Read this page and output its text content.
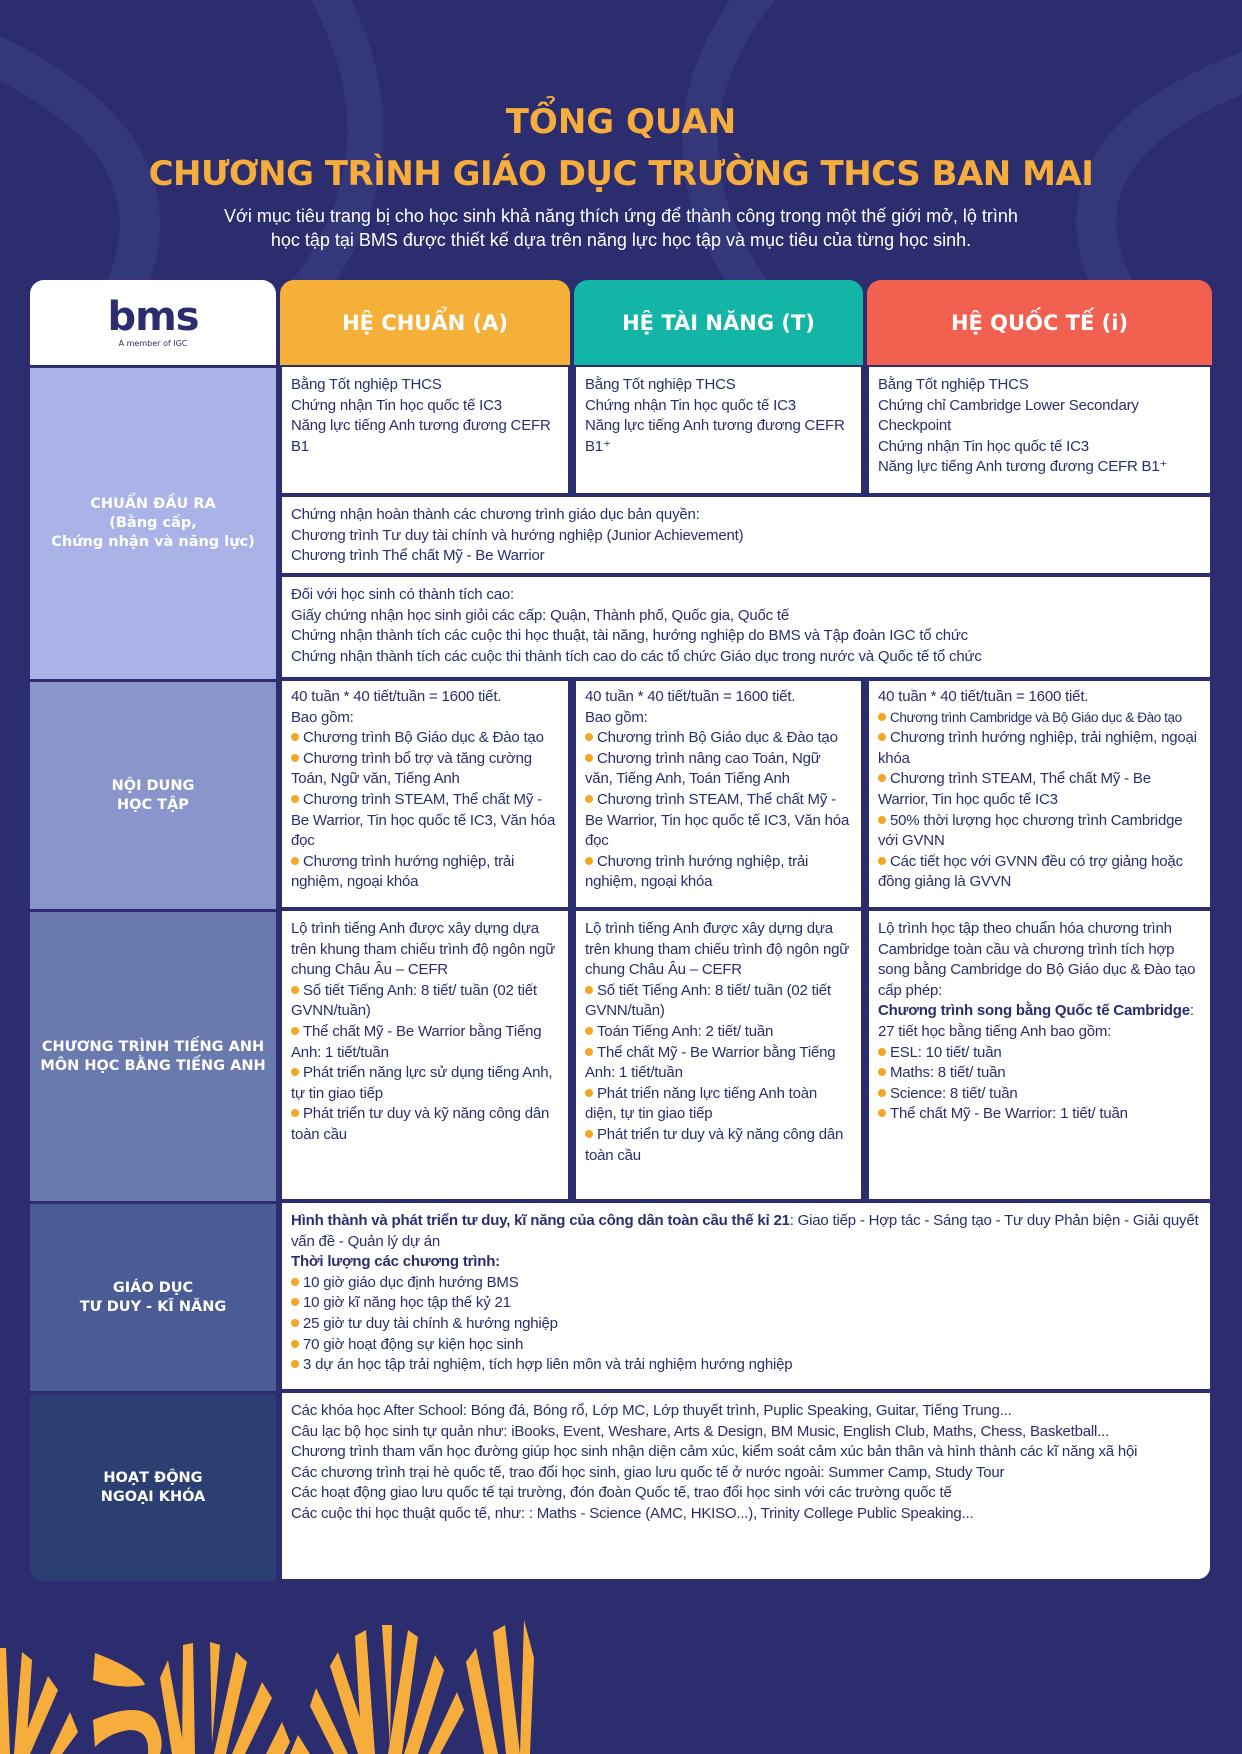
TỔNG QUAN
CHƯƠNG TRÌNH GIÁO DỤC TRƯỜNG THCS BAN MAI
Với mục tiêu trang bị cho học sinh khả năng thích ứng để thành công trong một thế giới mở, lộ trình
học tập tại BMS được thiết kế dựa trên năng lực học tập và mục tiêu của từng học sinh.
bms
A member of IGC
HỆ CHUẨN (A)	HỆ TÀI NĂNG (T)	HỆ QUỐC TẾ (i)
CHUẨN ĐẦU RA
(Bằng cấp,
Chứng nhận và năng lực)
Bằng Tốt nghiệp THCS
Chứng nhận Tin học quốc tế IC3
Năng lực tiếng Anh tương đương CEFR B1
Bằng Tốt nghiệp THCS
Chứng nhận Tin học quốc tế IC3
Năng lực tiếng Anh tương đương CEFR B1⁺
Bằng Tốt nghiệp THCS
Chứng chỉ Cambridge Lower Secondary Checkpoint
Chứng nhận Tin học quốc tế IC3
Năng lực tiếng Anh tương đương CEFR B1⁺
Chứng nhận hoàn thành các chương trình giáo dục bản quyền:
Chương trình Tư duy tài chính và hướng nghiệp (Junior Achievement)
Chương trình Thể chất Mỹ - Be Warrior
Đối với học sinh có thành tích cao:
Giấy chứng nhận học sinh giỏi các cấp: Quận, Thành phố, Quốc gia, Quốc tế
Chứng nhận thành tích các cuộc thi học thuật, tài năng, hướng nghiệp do BMS và Tập đoàn IGC tổ chức
Chứng nhận thành tích các cuộc thi thành tích cao do các tổ chức Giáo dục trong nước và Quốc tế tổ chức
NỘI DUNG
HỌC TẬP
40 tuần * 40 tiết/tuần = 1600 tiết.
Bao gồm:
Chương trình Bộ Giáo dục & Đào tạo
Chương trình bổ trợ và tăng cường Toán, Ngữ văn, Tiếng Anh
Chương trình STEAM, Thể chất Mỹ - Be Warrior, Tin học quốc tế IC3, Văn hóa đọc
Chương trình hướng nghiệp, trải nghiệm, ngoại khóa
40 tuần * 40 tiết/tuần = 1600 tiết.
Bao gồm:
Chương trình Bộ Giáo dục & Đào tạo
Chương trình nâng cao Toán, Ngữ văn, Tiếng Anh, Toán Tiếng Anh
Chương trình STEAM, Thể chất Mỹ - Be Warrior, Tin học quốc tế IC3, Văn hóa đọc
Chương trình hướng nghiệp, trải nghiệm, ngoại khóa
40 tuần * 40 tiết/tuần = 1600 tiết.
Chương trình Cambridge và Bộ Giáo dục & Đào tạo
Chương trình hướng nghiệp, trải nghiệm, ngoại khóa
Chương trình STEAM, Thể chất Mỹ - Be Warrior, Tin học quốc tế IC3
50% thời lượng học chương trình Cambridge với GVNN
Các tiết học với GVNN đều có trợ giảng hoặc đồng giảng là GVVN
CHƯƠNG TRÌNH TIẾNG ANH
MÔN HỌC BẰNG TIẾNG ANH
Lộ trình tiếng Anh được xây dựng dựa trên khung tham chiếu trình độ ngôn ngữ chung Châu Âu – CEFR
Số tiết Tiếng Anh: 8 tiết/ tuần (02 tiết GVNN/tuần)
Thể chất Mỹ - Be Warrior bằng Tiếng Anh: 1 tiết/tuần
Phát triển năng lực sử dụng tiếng Anh, tự tin giao tiếp
Phát triển tư duy và kỹ năng công dân toàn cầu
Lộ trình tiếng Anh được xây dựng dựa trên khung tham chiếu trình độ ngôn ngữ chung Châu Âu – CEFR
Số tiết Tiếng Anh: 8 tiết/ tuần (02 tiết GVNN/tuần)
Toán Tiếng Anh: 2 tiết/ tuần
Thể chất Mỹ - Be Warrior bằng Tiếng Anh: 1 tiết/tuần
Phát triển năng lực tiếng Anh toàn diện, tự tin giao tiếp
Phát triển tư duy và kỹ năng công dân toàn cầu
Lộ trình học tập theo chuẩn hóa chương trình Cambridge toàn cầu và chương trình tích hợp song bằng Cambridge do Bộ Giáo dục & Đào tạo cấp phép:
Chương trình song bằng Quốc tế Cambridge: 27 tiết học bằng tiếng Anh bao gồm:
ESL: 10 tiết/ tuần
Maths: 8 tiết/ tuần
Science: 8 tiết/ tuần
Thể chất Mỹ - Be Warrior: 1 tiết/ tuần
GIÁO DỤC
TƯ DUY - KĨ NĂNG
Hình thành và phát triển tư duy, kĩ năng của công dân toàn cầu thế kỉ 21: Giao tiếp - Hợp tác - Sáng tạo - Tư duy Phản biện - Giải quyết vấn đề - Quản lý dự án
Thời lượng các chương trình:
10 giờ giáo dục định hướng BMS
10 giờ kĩ năng học tập thế kỷ 21
25 giờ tư duy tài chính & hướng nghiệp
70 giờ hoạt động sự kiện học sinh
3 dự án học tập trải nghiệm, tích hợp liên môn và trải nghiệm hướng nghiệp
HOẠT ĐỘNG
NGOẠI KHÓA
Các khóa học After School: Bóng đá, Bóng rổ, Lớp MC, Lớp thuyết trình, Puplic Speaking, Guitar, Tiếng Trung...
Câu lạc bộ học sinh tự quản như: iBooks, Event, Weshare, Arts & Design, BM Music, English Club, Maths, Chess, Basketball...
Chương trình tham vấn học đường giúp học sinh nhận diện cảm xúc, kiểm soát cảm xúc bản thân và hình thành các kĩ năng xã hội
Các chương trình trại hè quốc tế, trao đổi học sinh, giao lưu quốc tế ở nước ngoài: Summer Camp, Study Tour
Các hoạt động giao lưu quốc tế tại trường, đón đoàn Quốc tế, trao đổi học sinh với các trường quốc tế
Các cuộc thi học thuật quốc tế, như: : Maths - Science (AMC, HKISO...), Trinity College Public Speaking...
